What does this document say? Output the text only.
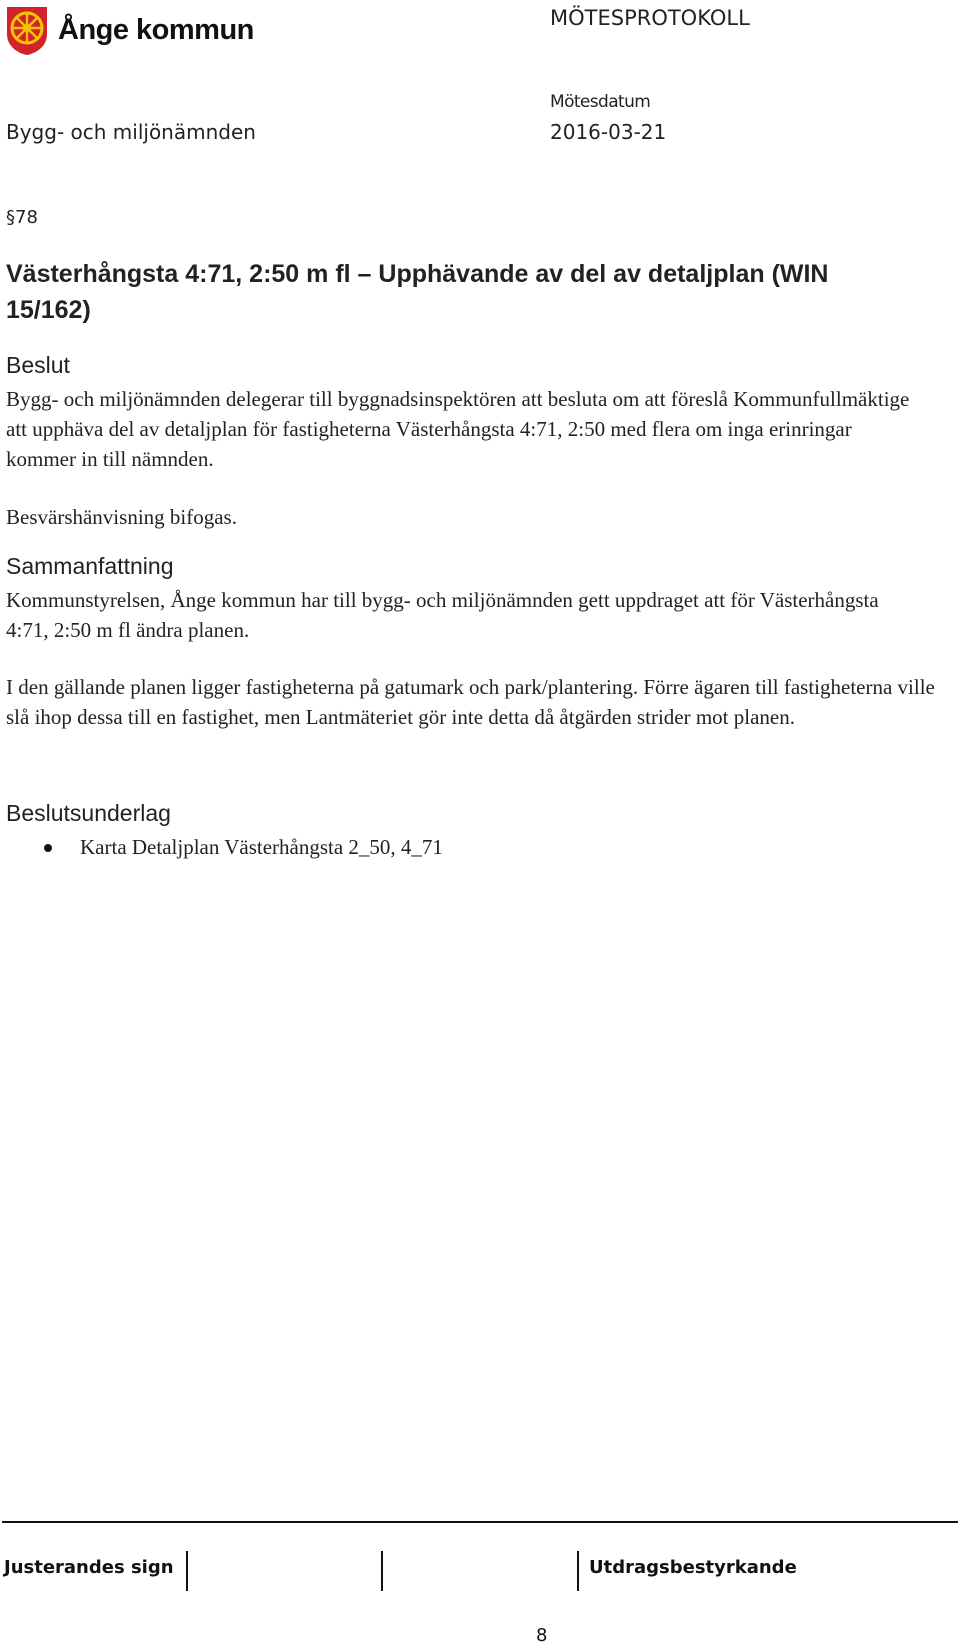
Ånge kommun	MÖTESPROTOKOLL
Mötesdatum
Bygg- och miljönämnden	2016-03-21
§78
Västerhångsta 4:71, 2:50 m fl – Upphävande av del av detaljplan (WIN 15/162)
Beslut
Bygg- och miljönämnden delegerar till byggnadsinspektören att besluta om att föreslå Kommunfullmäktige att upphäva del av detaljplan för fastigheterna Västerhångsta 4:71, 2:50 med flera om inga erinringar kommer in till nämnden.
Besvärshänvisning bifogas.
Sammanfattning
Kommunstyrelsen, Ånge kommun har till bygg- och miljönämnden gett uppdraget att för Västerhångsta 4:71, 2:50 m fl ändra planen.
I den gällande planen ligger fastigheterna på gatumark och park/plantering. Förre ägaren till fastigheterna ville slå ihop dessa till en fastighet, men Lantmäteriet gör inte detta då åtgärden strider mot planen.
Beslutsunderlag
Karta Detaljplan Västerhångsta 2_50, 4_71
Justerandes sign	Utdragsbestyrkande
8
